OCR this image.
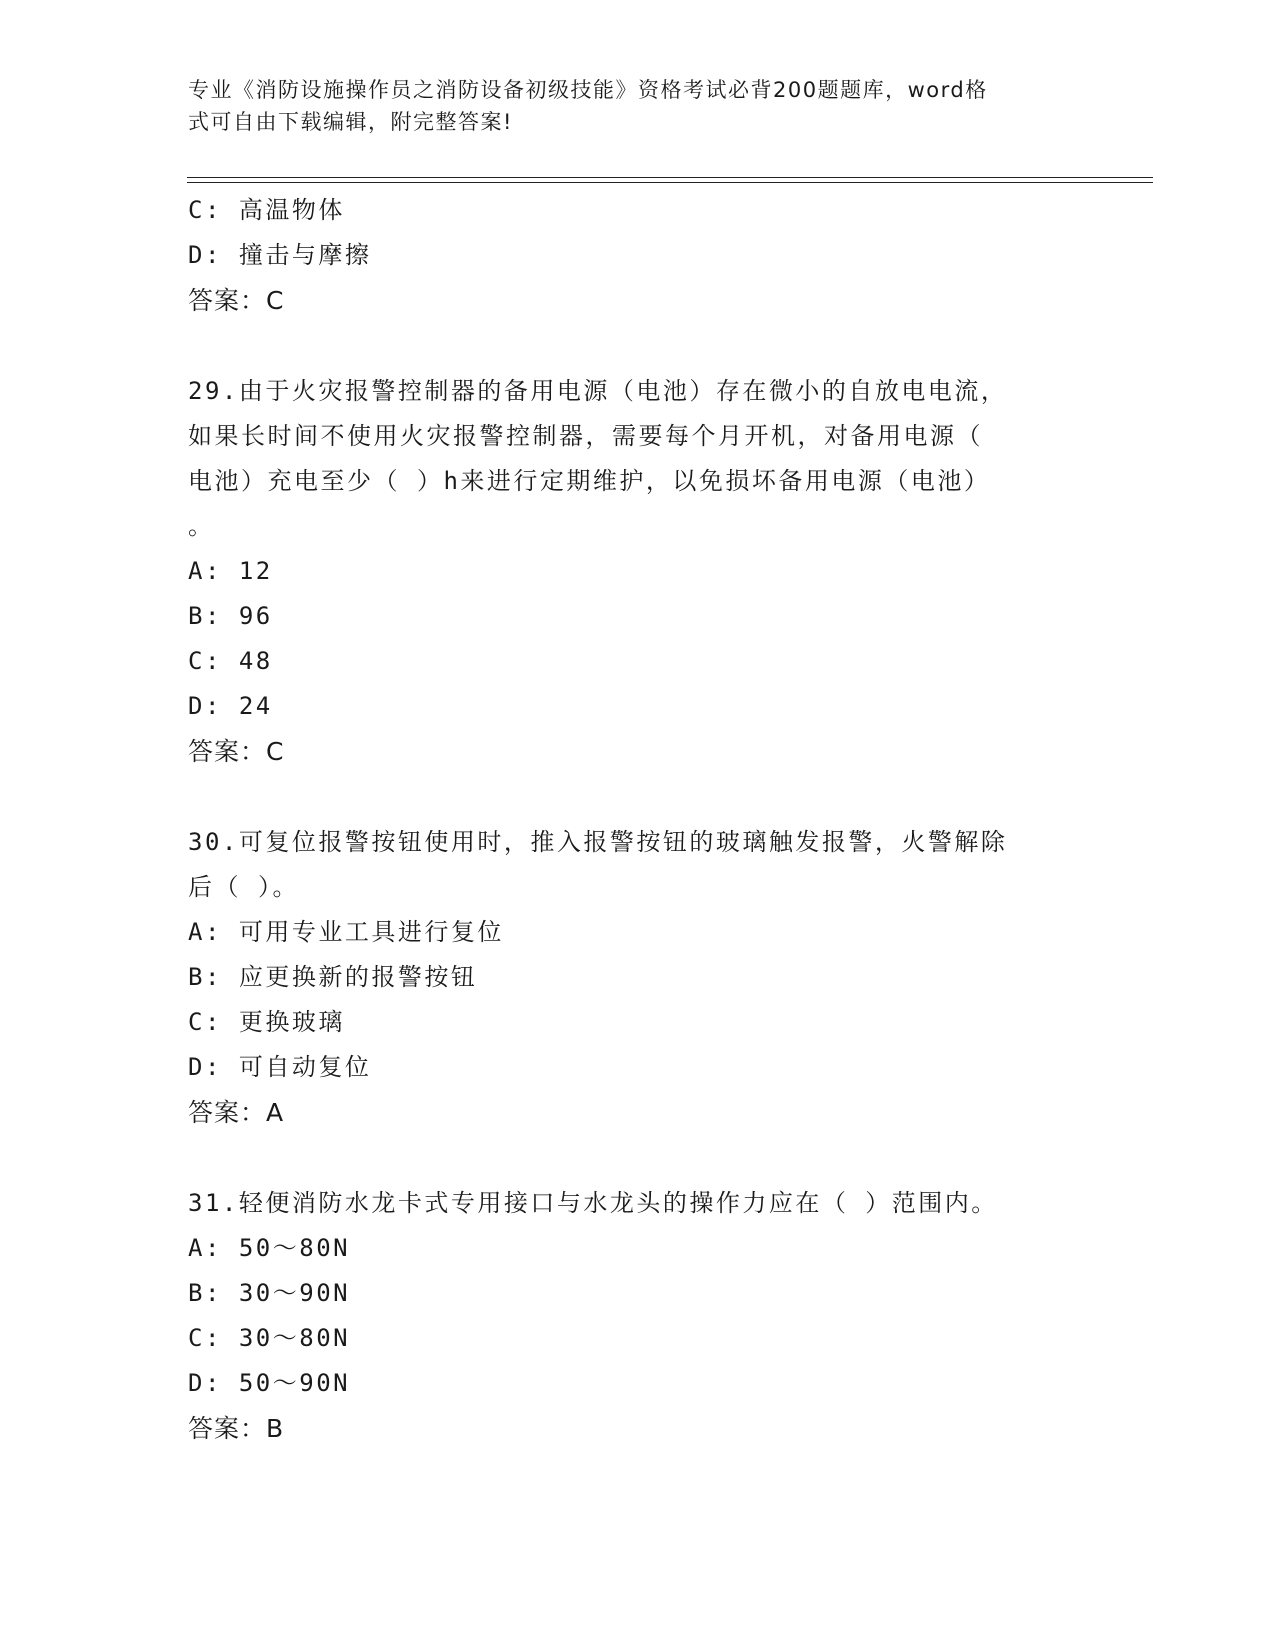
专业《消防设施操作员之消防设备初级技能》资格考试必背200题题库，word格
式可自由下载编辑，附完整答案!
C: 高温物体
D: 撞击与摩擦
答案：C
29.由于火灾报警控制器的备用电源（电池）存在微小的自放电电流，
如果长时间不使用火灾报警控制器，需要每个月开机，对备用电源（
电池）充电至少（ ）h来进行定期维护，以免损坏备用电源（电池）
。
A: 12
B: 96
C: 48
D: 24
答案：C
30.可复位报警按钮使用时，推入报警按钮的玻璃触发报警，火警解除
后（ ）。
A: 可用专业工具进行复位
B: 应更换新的报警按钮
C: 更换玻璃
D: 可自动复位
答案：A
31.轻便消防水龙卡式专用接口与水龙头的操作力应在（ ）范围内。
A: 50～80N
B: 30～90N
C: 30～80N
D: 50～90N
答案：B
